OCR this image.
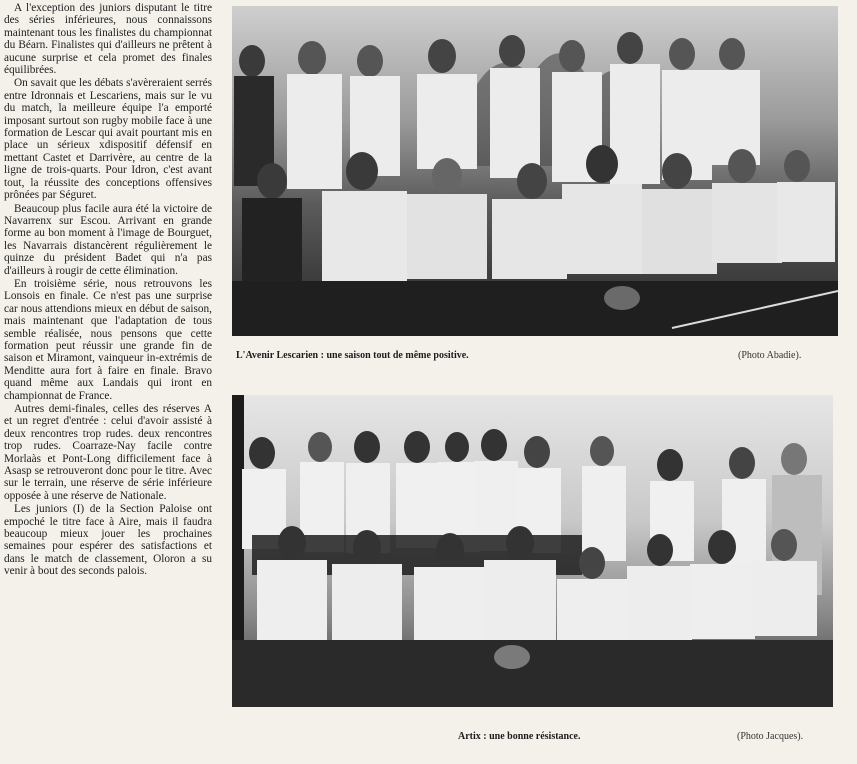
A l'exception des juniors disputant le titre des séries inférieures, nous connaissons maintenant tous les finalistes du championnat du Béarn. Finalistes qui d'ailleurs ne prêtent à aucune surprise et cela promet des finales équilibrées.

On savait que les débats s'avèreraient serrés entre Idronnais et Lescariens, mais sur le vu du match, la meilleure équipe l'a emporté imposant surtout son rugby mobile face à une formation de Lescar qui avait pourtant mis en place un sérieux xdispositif défensif en mettant Castet et Darrivère, au centre de la ligne de trois-quarts. Pour Idron, c'est avant tout, la réussite des conceptions offensives prônées par Séguret.

Beaucoup plus facile aura été la victoire de Navarrenx sur Escou. Arrivant en grande forme au bon moment à l'image de Bourguet, les Navarrais distancèrent régulièrement le quinze du président Badet qui n'a pas d'ailleurs à rougir de cette élimination.

En troisième série, nous retrouvons les Lonsois en finale. Ce n'est pas une surprise car nous attendions mieux en début de saison, mais maintenant que l'adaptation de tous semble réalisée, nous pensons que cette formation peut réussir une grande fin de saison et Miramont, vainqueur in-extrémis de Menditte aura fort à faire en finale. Bravo quand même aux Landais qui iront en championnat de France.

Autres demi-finales, celles des réserves A et un regret d'entrée : celui d'avoir assisté à deux rencontres trop rudes. deux rencontres trop rudes. Coarraze-Nay facile contre Morlaàs et Pont-Long difficilement face à Asasp se retrouveront donc pour le titre. Avec sur le terrain, une réserve de série inférieure opposée à une réserve de Nationale.

Les juniors (I) de la Section Paloise ont empoché le titre face à Aire, mais il faudra beaucoup mieux jouer les prochaines semaines pour espérer des satisfactions et dans le match de classement, Oloron a su venir à bout des seconds palois.

L'Avenir Lescarien : une saison tout de même positive.	(Photo Abadie).
Artix : une bonne résistance.	(Photo Jacques).
